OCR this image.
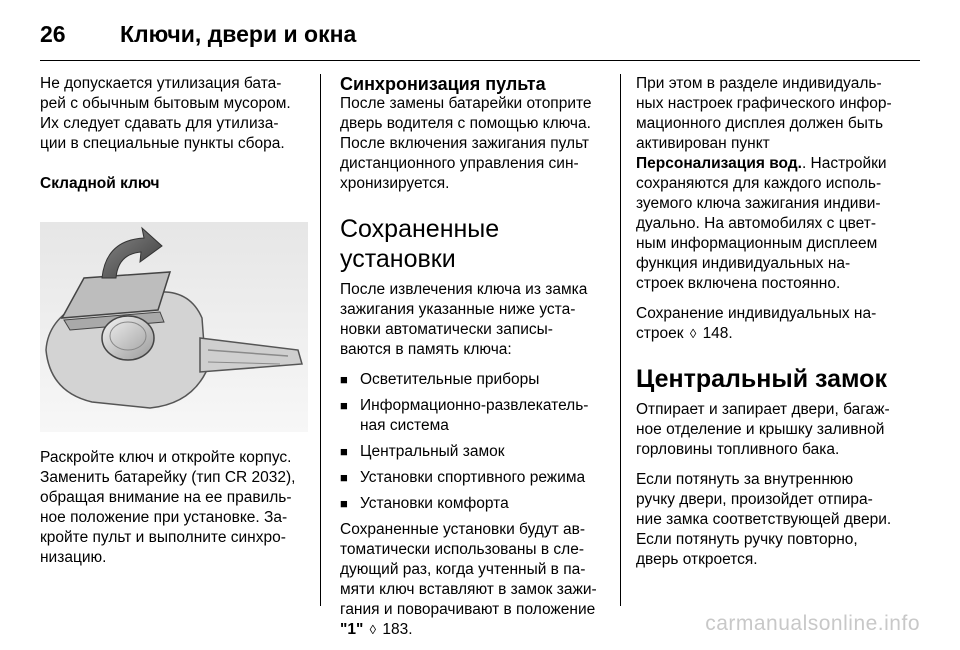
26	Ключи, двери и окна

Не допускается утилизация бата-
рей с обычным бытовым мусором.
Их следует сдавать для утилиза-
ции в специальные пункты сбора.

Складной ключ

Раскройте ключ и откройте корпус.
Заменить батарейку (тип CR 2032),
обращая внимание на ее правиль-
ное положение при установке. За-
кройте пульт и выполните синхро-
низацию.

Синхронизация пульта

После замены батарейки отоприте
дверь водителя с помощью ключа.
После включения зажигания пульт
дистанционного управления син-
хронизируется.

Сохраненные установки

После извлечения ключа из замка
зажигания указанные ниже уста-
новки автоматически записы-
ваются в память ключа:

■ Осветительные приборы
■ Информационно-развлекатель-
ная система
■ Центральный замок
■ Установки спортивного режима
■ Установки комфорта

Сохраненные установки будут ав-
томатически использованы в сле-
дующий раз, когда учтенный в па-
мяти ключ вставляют в замок зажи-
гания и поворачивают в положение
"1" ◊ 183.

При этом в разделе индивидуаль-
ных настроек графического инфор-
мационного дисплея должен быть
активирован пункт
Персонализация вод.. Настройки
сохраняются для каждого исполь-
зуемого ключа зажигания индиви-
дуально. На автомобилях с цвет-
ным информационным дисплеем
функция индивидуальных на-
строек включена постоянно.

Сохранение индивидуальных на-
строек ◊ 148.

Центральный замок

Отпирает и запирает двери, багаж-
ное отделение и крышку заливной
горловины топливного бака.

Если потянуть за внутреннюю
ручку двери, произойдет отпира-
ние замка соответствующей двери.
Если потянуть ручку повторно,
дверь откроется.

carmanualsonline.info
